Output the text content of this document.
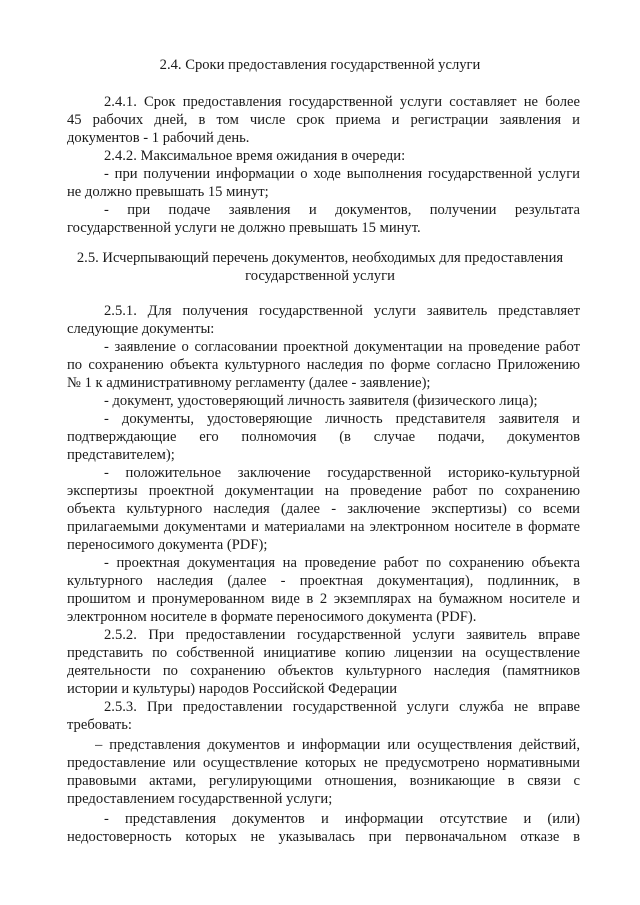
2.4. Сроки предоставления государственной услуги
2.4.1. Срок предоставления государственной услуги составляет не более
45 рабочих дней, в том числе срок приема и регистрации заявления и
документов - 1 рабочий день.
2.4.2. Максимальное время ожидания в очереди:
- при получении информации о ходе выполнения государственной услуги
не должно превышать 15 минут;
- при подаче заявления и документов, получении результата
государственной услуги не должно превышать 15 минут.
2.5. Исчерпывающий перечень документов, необходимых для предоставления
государственной услуги
2.5.1. Для получения государственной услуги заявитель представляет
следующие документы:
- заявление о согласовании проектной документации на проведение работ
по сохранению объекта культурного наследия по форме согласно Приложению
№ 1 к административному регламенту (далее - заявление);
- документ, удостоверяющий личность заявителя (физического лица);
- документы, удостоверяющие личность представителя заявителя и
подтверждающие его полномочия (в случае подачи, документов
представителем);
- положительное заключение государственной историко-культурной
экспертизы проектной документации на проведение работ по сохранению
объекта культурного наследия (далее - заключение экспертизы) со всеми
прилагаемыми документами и материалами на электронном носителе в формате
переносимого документа (PDF);
- проектная документация на проведение работ по сохранению объекта
культурного наследия (далее - проектная документация), подлинник, в
прошитом и пронумерованном виде в 2 экземплярах на бумажном носителе и
электронном носителе в формате переносимого документа (PDF).
2.5.2. При предоставлении государственной услуги заявитель вправе
представить по собственной инициативе копию лицензии на осуществление
деятельности по сохранению объектов культурного наследия (памятников
истории и культуры) народов Российской Федерации
2.5.3. При предоставлении государственной услуги служба не вправе
требовать:
– представления документов и информации или осуществления действий,
предоставление или осуществление которых не предусмотрено нормативными
правовыми актами, регулирующими отношения, возникающие в связи с
предоставлением государственной услуги;
- представления документов и информации отсутствие и (или)
недостоверность которых не указывалась при первоначальном отказе в
